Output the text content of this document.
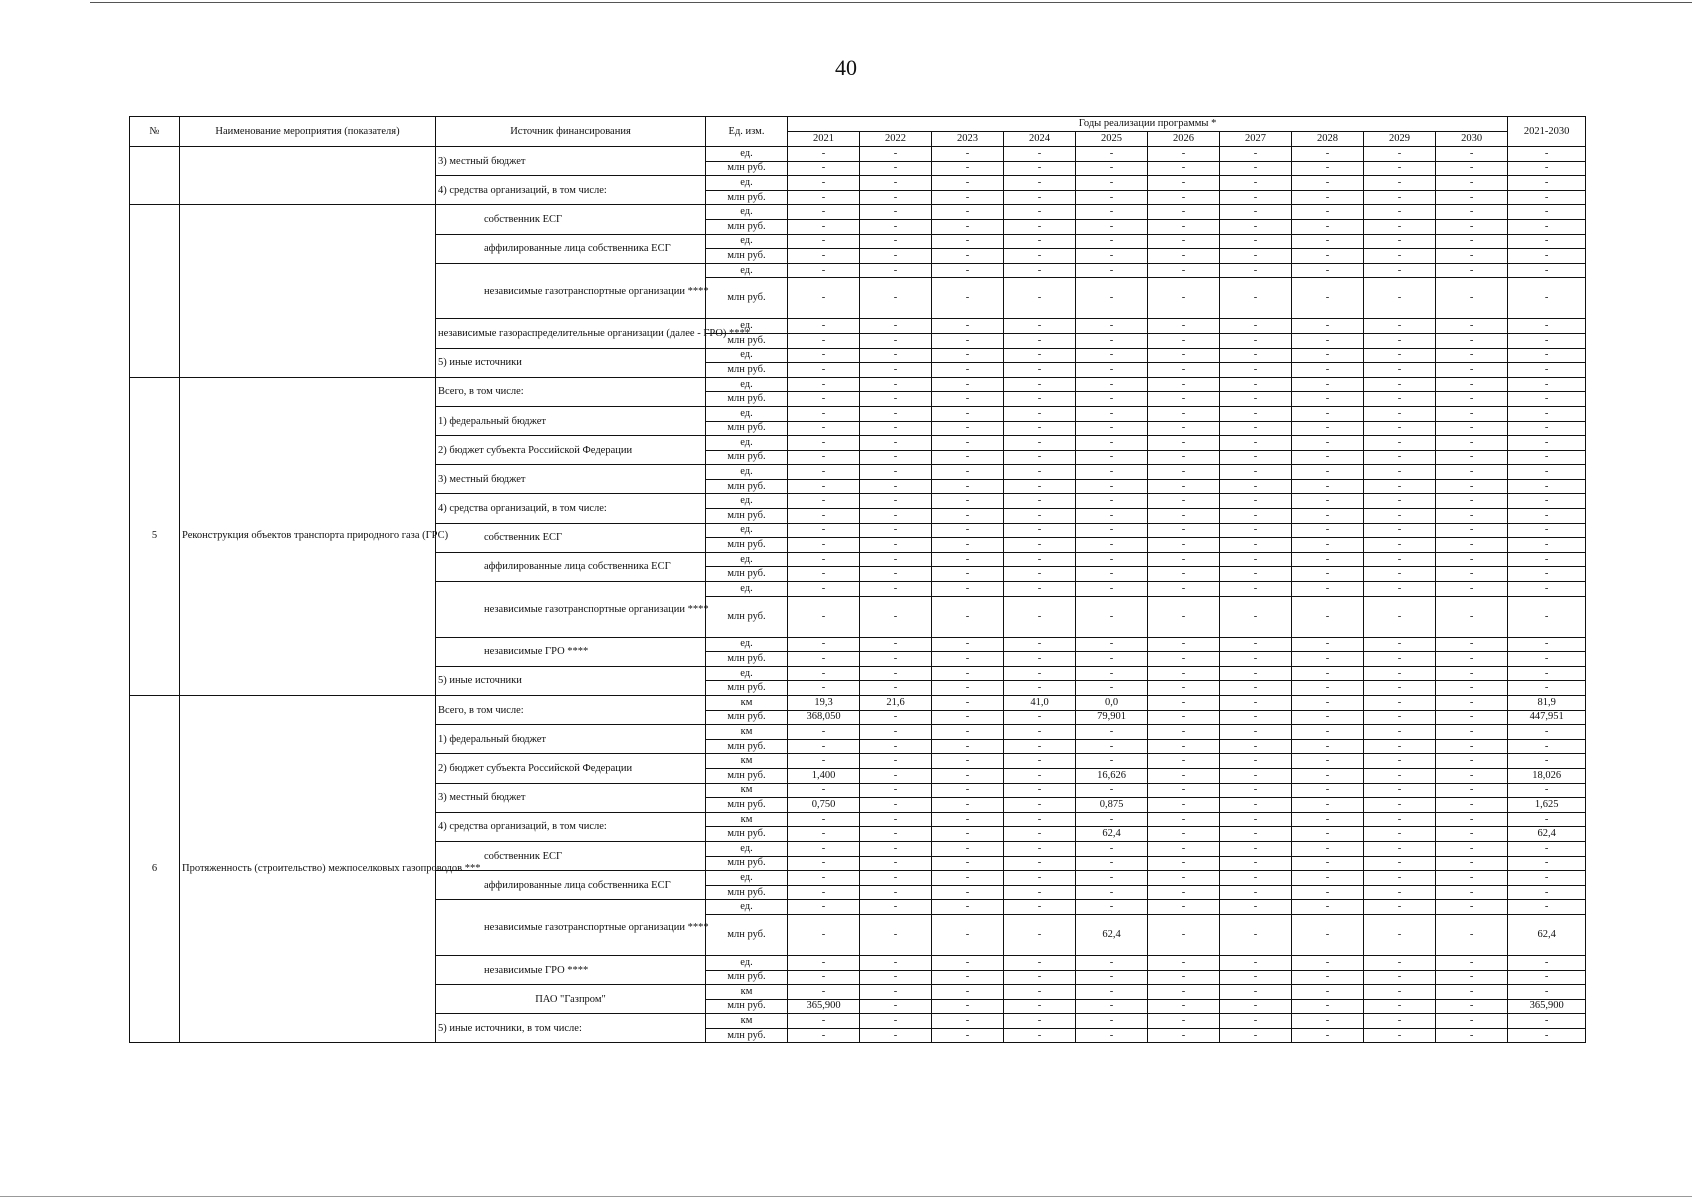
40
№	Наименование мероприятия (показателя)	Источник финансирования	Ед. изм.	Годы реализации программы *										2021-2030
				2021	2022	2023	2024	2025	2026	2027	2028	2029	2030	
		3) местный бюджет	ед.	-	-	-	-	-	-	-	-	-	-	-
			млн руб.	-	-	-	-	-	-	-	-	-	-	-
		4) средства организаций, в том числе:	ед.	-	-	-	-	-	-	-	-	-	-	-
			млн руб.	-	-	-	-	-	-	-	-	-	-	-
		собственник ЕСГ	ед.	-	-	-	-	-	-	-	-	-	-	-
			млн руб.	-	-	-	-	-	-	-	-	-	-	-
		аффилированные лица собственника ЕСГ	ед.	-	-	-	-	-	-	-	-	-	-	-
			млн руб.	-	-	-	-	-	-	-	-	-	-	-
		независимые газотранспортные организации ****	ед.	-	-	-	-	-	-	-	-	-	-	-
			млн руб.	-	-	-	-	-	-	-	-	-	-	-
		независимые газораспределительные организации (далее - ГРО) ****	ед.	-	-	-	-	-	-	-	-	-	-	-
			млн руб.	-	-	-	-	-	-	-	-	-	-	-
		5) иные источники	ед.	-	-	-	-	-	-	-	-	-	-	-
			млн руб.	-	-	-	-	-	-	-	-	-	-	-
5	Реконструкция объектов транспорта природного газа (ГРС)	Всего, в том числе:	ед.	-	-	-	-	-	-	-	-	-	-	-
			млн руб.	-	-	-	-	-	-	-	-	-	-	-
		1) федеральный бюджет	ед.	-	-	-	-	-	-	-	-	-	-	-
			млн руб.	-	-	-	-	-	-	-	-	-	-	-
		2) бюджет субъекта Российской Федерации	ед.	-	-	-	-	-	-	-	-	-	-	-
			млн руб.	-	-	-	-	-	-	-	-	-	-	-
		3) местный бюджет	ед.	-	-	-	-	-	-	-	-	-	-	-
			млн руб.	-	-	-	-	-	-	-	-	-	-	-
		4) средства организаций, в том числе:	ед.	-	-	-	-	-	-	-	-	-	-	-
			млн руб.	-	-	-	-	-	-	-	-	-	-	-
		собственник ЕСГ	ед.	-	-	-	-	-	-	-	-	-	-	-
			млн руб.	-	-	-	-	-	-	-	-	-	-	-
		аффилированные лица собственника ЕСГ	ед.	-	-	-	-	-	-	-	-	-	-	-
			млн руб.	-	-	-	-	-	-	-	-	-	-	-
		независимые газотранспортные организации ****	ед.	-	-	-	-	-	-	-	-	-	-	-
			млн руб.	-	-	-	-	-	-	-	-	-	-	-
		независимые ГРО ****	ед.	-	-	-	-	-	-	-	-	-	-	-
			млн руб.	-	-	-	-	-	-	-	-	-	-	-
		5) иные источники	ед.	-	-	-	-	-	-	-	-	-	-	-
			млн руб.	-	-	-	-	-	-	-	-	-	-	-
6	Протяженность (строительство) межпоселковых газопроводов ***	Всего, в том числе:	км	19,3	21,6	-	41,0	0,0	-	-	-	-	-	81,9
			млн руб.	368,050	-	-	-	79,901	-	-	-	-	-	447,951
		1) федеральный бюджет	км	-	-	-	-	-	-	-	-	-	-	-
			млн руб.	-	-	-	-	-	-	-	-	-	-	-
		2) бюджет субъекта Российской Федерации	км	-	-	-	-	-	-	-	-	-	-	-
			млн руб.	1,400	-	-	-	16,626	-	-	-	-	-	18,026
		3) местный бюджет	км	-	-	-	-	-	-	-	-	-	-	-
			млн руб.	0,750	-	-	-	0,875	-	-	-	-	-	1,625
		4) средства организаций, в том числе:	км	-	-	-	-	-	-	-	-	-	-	-
			млн руб.	-	-	-	-	62,4	-	-	-	-	-	62,4
		собственник ЕСГ	ед.	-	-	-	-	-	-	-	-	-	-	-
			млн руб.	-	-	-	-	-	-	-	-	-	-	-
		аффилированные лица собственника ЕСГ	ед.	-	-	-	-	-	-	-	-	-	-	-
			млн руб.	-	-	-	-	-	-	-	-	-	-	-
		независимые газотранспортные организации ****	ед.	-	-	-	-	-	-	-	-	-	-	-
			млн руб.	-	-	-	-	62,4	-	-	-	-	-	62,4
		независимые ГРО ****	ед.	-	-	-	-	-	-	-	-	-	-	-
			млн руб.	-	-	-	-	-	-	-	-	-	-	-
		ПАО "Газпром"	км	-	-	-	-	-	-	-	-	-	-	-
			млн руб.	365,900	-	-	-	-	-	-	-	-	-	365,900
		5) иные источники, в том числе:	км	-	-	-	-	-	-	-	-	-	-	-
			млн руб.	-	-	-	-	-	-	-	-	-	-	-
